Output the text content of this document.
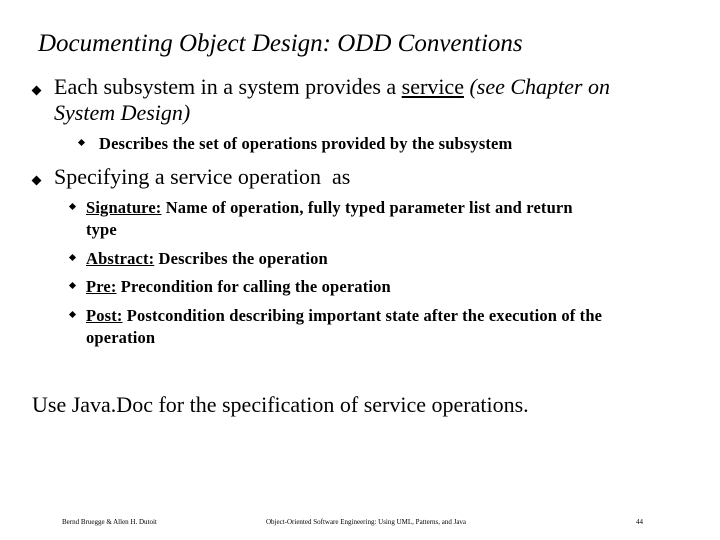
Documenting Object Design: ODD Conventions
Each subsystem in a system provides a service (see Chapter on
System Design)
Describes the set of operations provided by the subsystem
Specifying a service operation  as
Signature: Name of operation, fully typed parameter list and return
type
Abstract: Describes the operation
Pre: Precondition for calling the operation
Post: Postcondition describing important state after the execution of the
operation
Use Java.Doc for the specification of service operations.
Bernd Bruegge & Allen H. Dutoit	Object-Oriented Software Engineering: Using UML, Patterns, and Java	44
